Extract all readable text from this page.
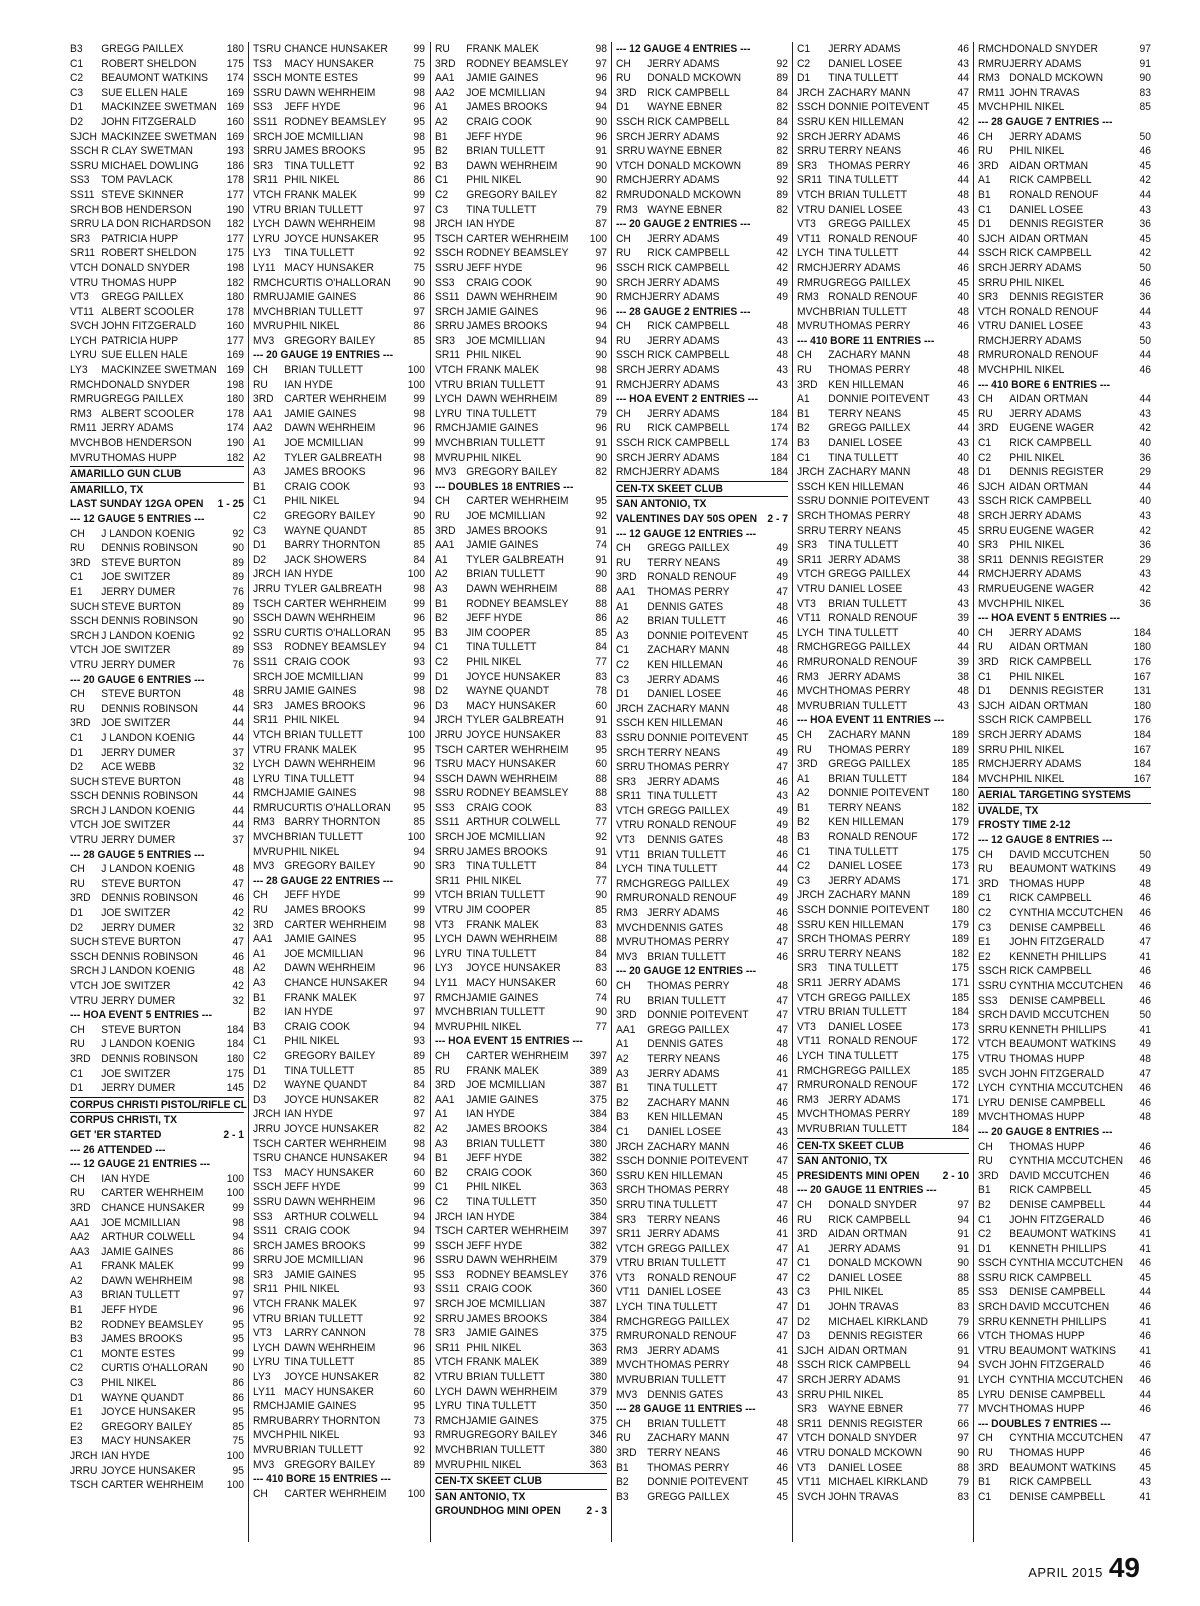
B3	GREGG PAILLEX	180
C1	ROBERT SHELDON	175
C2	BEAUMONT WATKINS	174
C3	SUE ELLEN HALE	169
D1	MACKINZEE SWETMAN 169
D2	JOHN FITZGERALD	160
SJCH MACKINZEE SWETMAN 169
SSCH R CLAY SWETMAN	193
SSRU MICHAEL DOWLING	186
SS3	TOM PAVLACK	178
SS11 STEVE SKINNER	177
SRCH BOB HENDERSON	190
SRRU LA DON RICHARDSON	182
SR3	PATRICIA HUPP	177
SR11 ROBERT SHELDON	175
VTCH DONALD SNYDER	198
VTRU THOMAS HUPP	182
VT3	GREGG PAILLEX	180
VT11 ALBERT SCOOLER	178
SVCH JOHN FITZGERALD	160
LYCH PATRICIA HUPP	177
LYRU SUE ELLEN HALE	169
LY3	MACKINZEE SWETMAN 169
RMCH DONALD SNYDER	198
RMRU GREGG PAILLEX	180
RM3 ALBERT SCOOLER	178
RM11 JERRY ADAMS	174
MVCH BOB HENDERSON	190
MVRU THOMAS HUPP	182
AMARILLO GUN CLUB
AMARILLO, TX
LAST SUNDAY 12GA OPEN	1 - 25
--- 12 GAUGE 5 ENTRIES ---
CH	J LANDON KOENIG	92
RU	DENNIS ROBINSON	90
3RD STEVE BURTON	89
C1	JOE SWITZER	89
E1	JERRY DUMER	76
SUCH STEVE BURTON	89
SSCH DENNIS ROBINSON	90
SRCH J LANDON KOENIG	92
VTCH JOE SWITZER	89
VTRU JERRY DUMER	76
--- 20 GAUGE 6 ENTRIES ---
CH	STEVE BURTON	48
RU	DENNIS ROBINSON	44
3RD JOE SWITZER	44
C1	J LANDON KOENIG	44
D1	JERRY DUMER	37
D2	ACE WEBB	32
SUCH STEVE BURTON	48
SSCH DENNIS ROBINSON	44
SRCH J LANDON KOENIG	44
VTCH JOE SWITZER	44
VTRU JERRY DUMER	37
--- 28 GAUGE 5 ENTRIES ---
CH	J LANDON KOENIG	48
RU	STEVE BURTON	47
3RD DENNIS ROBINSON	46
D1	JOE SWITZER	42
D2	JERRY DUMER	32
SUCH STEVE BURTON	47
SSCH DENNIS ROBINSON	46
SRCH J LANDON KOENIG	48
VTCH JOE SWITZER	42
VTRU JERRY DUMER	32
--- HOA EVENT 5 ENTRIES ---
CH	STEVE BURTON	184
RU	J LANDON KOENIG	184
3RD DENNIS ROBINSON	180
C1	JOE SWITZER	175
D1	JERRY DUMER	145
CORPUS CHRISTI PISTOL/RIFLE CL
CORPUS CHRISTI, TX
GET 'ER STARTED	2 - 1
--- 26 ATTENDED ---
--- 12 GAUGE 21 ENTRIES ---
CH	IAN HYDE	100
RU	CARTER WEHRHEIM	100
3RD CHANCE HUNSAKER	99
AA1	JOE MCMILLIAN	98
AA2	ARTHUR COLWELL	94
AA3	JAMIE GAINES	86
A1	FRANK MALEK	99
A2	DAWN WEHRHEIM	98
A3	BRIAN TULLETT	97
B1	JEFF HYDE	96
B2	RODNEY BEAMSLEY	95
B3	JAMES BROOKS	95
C1	MONTE ESTES	99
C2	CURTIS O'HALLORAN	90
C3	PHIL NIKEL	86
D1	WAYNE QUANDT	86
E1	JOYCE HUNSAKER	95
E2	GREGORY BAILEY	85
E3	MACY HUNSAKER	75
JRCH IAN HYDE	100
JRRU JOYCE HUNSAKER	95
TSCH CARTER WEHRHEIM	100
TSRU CHANCE HUNSAKER	99
TS3	MACY HUNSAKER	75
SSCH MONTE ESTES	99
SSRU DAWN WEHRHEIM	98
SS3	JEFF HYDE	96
SS11 RODNEY BEAMSLEY	95
SRCH JOE MCMILLIAN	98
SRRU JAMES BROOKS	95
SR3	TINA TULLETT	92
SR11 PHIL NIKEL	86
VTCH FRANK MALEK	99
VTRU BRIAN TULLETT	97
LYCH DAWN WEHRHEIM	98
LYRU JOYCE HUNSAKER	95
LY3	TINA TULLETT	92
LY11 MACY HUNSAKER	75
RMCH CURTIS O'HALLORAN	90
RMRU JAMIE GAINES	86
MVCH BRIAN TULLETT	97
MVRU PHIL NIKEL	86
MV3 GREGORY BAILEY	85
--- 20 GAUGE 19 ENTRIES ---
CH	BRIAN TULLETT	100
RU	IAN HYDE	100
3RD CARTER WEHRHEIM	99
AA1	JAMIE GAINES	98
AA2	DAWN WEHRHEIM	96
A1	JOE MCMILLIAN	99
A2	TYLER GALBREATH	98
A3	JAMES BROOKS	96
B1	CRAIG COOK	93
C1	PHIL NIKEL	94
C2	GREGORY BAILEY	90
C3	WAYNE QUANDT	85
D1	BARRY THORNTON	85
D2	JACK SHOWERS	84
JRCH IAN HYDE	100
JRRU TYLER GALBREATH	98
TSCH CARTER WEHRHEIM	99
SSCH DAWN WEHRHEIM	96
SSRU CURTIS O'HALLORAN	95
SS3	RODNEY BEAMSLEY	94
SS11 CRAIG COOK	93
SRCH JOE MCMILLIAN	99
SRRU JAMIE GAINES	98
SR3	JAMES BROOKS	96
SR11 PHIL NIKEL	94
VTCH BRIAN TULLETT	100
VTRU FRANK MALEK	95
LYCH DAWN WEHRHEIM	96
LYRU TINA TULLETT	94
RMCH JAMIE GAINES	98
RMRU CURTIS O'HALLORAN	95
RM3 BARRY THORNTON	85
MVCH BRIAN TULLETT	100
MVRU PHIL NIKEL	94
MV3 GREGORY BAILEY	90
--- 28 GAUGE 22 ENTRIES ---
CH	JEFF HYDE	99
RU	JAMES BROOKS	99
3RD CARTER WEHRHEIM	98
AA1	JAMIE GAINES	95
A1	JOE MCMILLIAN	96
A2	DAWN WEHRHEIM	96
A3	CHANCE HUNSAKER	94
B1	FRANK MALEK	97
B2	IAN HYDE	97
B3	CRAIG COOK	94
C1	PHIL NIKEL	93
C2	GREGORY BAILEY	89
D1	TINA TULLETT	85
D2	WAYNE QUANDT	84
D3	JOYCE HUNSAKER	82
JRCH IAN HYDE	97
JRRU JOYCE HUNSAKER	82
TSCH CARTER WEHRHEIM	98
TSRU CHANCE HUNSAKER	94
TS3	MACY HUNSAKER	60
SSCH JEFF HYDE	99
SSRU DAWN WEHRHEIM	96
SS3	ARTHUR COLWELL	94
SS11 CRAIG COOK	94
SRCH JAMES BROOKS	99
SRRU JOE MCMILLIAN	96
SR3	JAMIE GAINES	95
SR11 PHIL NIKEL	93
VTCH FRANK MALEK	97
VTRU BRIAN TULLETT	92
VT3	LARRY CANNON	78
LYCH DAWN WEHRHEIM	96
LYRU TINA TULLETT	85
LY3	JOYCE HUNSAKER	82
LY11 MACY HUNSAKER	60
RMCH JAMIE GAINES	95
RMRU BARRY THORNTON	73
MVCH PHIL NIKEL	93
MVRU BRIAN TULLETT	92
MV3 GREGORY BAILEY	89
--- 410 BORE 15 ENTRIES ---
CH	CARTER WEHRHEIM	100
RU	FRANK MALEK	98
3RD RODNEY BEAMSLEY	97
AA1	JAMIE GAINES	96
AA2	JOE MCMILLIAN	94
A1	JAMES BROOKS	94
A2	CRAIG COOK	90
B1	JEFF HYDE	96
B2	BRIAN TULLETT	91
B3	DAWN WEHRHEIM	90
C1	PHIL NIKEL	90
C2	GREGORY BAILEY	82
C3	TINA TULLETT	79
JRCH IAN HYDE	87
TSCH CARTER WEHRHEIM	100
SSCH RODNEY BEAMSLEY	97
SSRU JEFF HYDE	96
SS3	CRAIG COOK	90
SS11 DAWN WEHRHEIM	90
SRCH JAMIE GAINES	96
SRRU JAMES BROOKS	94
SR3	JOE MCMILLIAN	94
SR11 PHIL NIKEL	90
VTCH FRANK MALEK	98
VTRU BRIAN TULLETT	91
LYCH DAWN WEHRHEIM	89
LYRU TINA TULLETT	79
RMCH JAMIE GAINES	96
MVCH BRIAN TULLETT	91
MVRU PHIL NIKEL	90
MV3 GREGORY BAILEY	82
--- DOUBLES 18 ENTRIES ---
CH	CARTER WEHRHEIM	95
RU	JOE MCMILLIAN	92
3RD JAMES BROOKS	91
AA1	JAMIE GAINES	74
A1	TYLER GALBREATH	91
A2	BRIAN TULLETT	90
A3	DAWN WEHRHEIM	88
B1	RODNEY BEAMSLEY	88
B2	JEFF HYDE	86
B3	JIM COOPER	85
C1	TINA TULLETT	84
C2	PHIL NIKEL	77
D1	JOYCE HUNSAKER	83
D2	WAYNE QUANDT	78
D3	MACY HUNSAKER	60
JRCH TYLER GALBREATH	91
JRRU JOYCE HUNSAKER	83
TSCH CARTER WEHRHEIM	95
TSRU MACY HUNSAKER	60
SSCH DAWN WEHRHEIM	88
SSRU RODNEY BEAMSLEY	88
SS3	CRAIG COOK	83
SS11 ARTHUR COLWELL	77
SRCH JOE MCMILLIAN	92
SRRU JAMES BROOKS	91
SR3	TINA TULLETT	84
SR11 PHIL NIKEL	77
VTCH BRIAN TULLETT	90
VTRU JIM COOPER	85
VT3	FRANK MALEK	83
LYCH DAWN WEHRHEIM	88
LYRU TINA TULLETT	84
LY3	JOYCE HUNSAKER	83
LY11 MACY HUNSAKER	60
RMCH JAMIE GAINES	74
MVCH BRIAN TULLETT	90
MVRU PHIL NIKEL	77
--- HOA EVENT 15 ENTRIES ---
CH	CARTER WEHRHEIM	397
RU	FRANK MALEK	389
3RD JOE MCMILLIAN	387
AA1	JAMIE GAINES	375
A1	IAN HYDE	384
A2	JAMES BROOKS	384
A3	BRIAN TULLETT	380
B1	JEFF HYDE	382
B2	CRAIG COOK	360
C1	PHIL NIKEL	363
C2	TINA TULLETT	350
JRCH IAN HYDE	384
TSCH CARTER WEHRHEIM	397
SSCH JEFF HYDE	382
SSRU DAWN WEHRHEIM	379
SS3	RODNEY BEAMSLEY	376
SS11 CRAIG COOK	360
SRCH JOE MCMILLIAN	387
SRRU JAMES BROOKS	384
SR3	JAMIE GAINES	375
SR11 PHIL NIKEL	363
VTCH FRANK MALEK	389
VTRU BRIAN TULLETT	380
LYCH DAWN WEHRHEIM	379
LYRU TINA TULLETT	350
RMCH JAMIE GAINES	375
RMRU GREGORY BAILEY	346
MVCH BRIAN TULLETT	380
MVRU PHIL NIKEL	363
CEN-TX SKEET CLUB
SAN ANTONIO, TX
GROUNDHOG MINI OPEN	2 - 3
--- 12 GAUGE 4 ENTRIES ---
CH	JERRY ADAMS	92
RU	DONALD MCKOWN	89
3RD RICK CAMPBELL	84
D1	WAYNE EBNER	82
SSCH RICK CAMPBELL	84
SRCH JERRY ADAMS	92
SRRU WAYNE EBNER	82
VTCH DONALD MCKOWN	89
RMCH JERRY ADAMS	92
RMRU DONALD MCKOWN	89
RM3 WAYNE EBNER	82
--- 20 GAUGE 2 ENTRIES ---
CH	JERRY ADAMS	49
RU	RICK CAMPBELL	42
SSCH RICK CAMPBELL	42
SRCH JERRY ADAMS	49
RMCH JERRY ADAMS	49
--- 28 GAUGE 2 ENTRIES ---
CH	RICK CAMPBELL	48
RU	JERRY ADAMS	43
SSCH RICK CAMPBELL	48
SRCH JERRY ADAMS	43
RMCH JERRY ADAMS	43
--- HOA EVENT 2 ENTRIES ---
CH	JERRY ADAMS	184
RU	RICK CAMPBELL	174
SSCH RICK CAMPBELL	174
SRCH JERRY ADAMS	184
RMCH JERRY ADAMS	184
CEN-TX SKEET CLUB
SAN ANTONIO, TX
VALENTINES DAY 50S OPEN 2 - 7
--- 12 GAUGE 12 ENTRIES ---
CH	GREGG PAILLEX	49
RU	TERRY NEANS	49
3RD RONALD RENOUF	49
AA1	THOMAS PERRY	47
A1	DENNIS GATES	48
A2	BRIAN TULLETT	46
A3	DONNIE POITEVENT	45
C1	ZACHARY MANN	48
C2	KEN HILLEMAN	46
C3	JERRY ADAMS	46
D1	DANIEL LOSEE	46
JRCH ZACHARY MANN	48
SSCH KEN HILLEMAN	46
SSRU DONNIE POITEVENT	45
SRCH TERRY NEANS	49
SRRU THOMAS PERRY	47
SR3	JERRY ADAMS	46
SR11 TINA TULLETT	43
VTCH GREGG PAILLEX	49
VTRU RONALD RENOUF	49
VT3	DENNIS GATES	48
VT11 BRIAN TULLETT	46
LYCH TINA TULLETT	44
RMCH GREGG PAILLEX	49
RMRU RONALD RENOUF	49
RM3 JERRY ADAMS	46
MVCH DENNIS GATES	48
MVRU THOMAS PERRY	47
MV3 BRIAN TULLETT	46
--- 20 GAUGE 12 ENTRIES ---
CH	THOMAS PERRY	48
RU	BRIAN TULLETT	47
3RD DONNIE POITEVENT	47
AA1	GREGG PAILLEX	47
A1	DENNIS GATES	48
A2	TERRY NEANS	46
A3	JERRY ADAMS	41
B1	TINA TULLETT	47
B2	ZACHARY MANN	46
B3	KEN HILLEMAN	45
C1	DANIEL LOSEE	43
JRCH ZACHARY MANN	46
SSCH DONNIE POITEVENT	47
SSRU KEN HILLEMAN	45
SRCH THOMAS PERRY	48
SRRU TINA TULLETT	47
SR3	TERRY NEANS	46
SR11 JERRY ADAMS	41
VTCH GREGG PAILLEX	47
VTRU BRIAN TULLETT	47
VT3	RONALD RENOUF	47
VT11 DANIEL LOSEE	43
LYCH TINA TULLETT	47
RMCH GREGG PAILLEX	47
RMRU RONALD RENOUF	47
RM3 JERRY ADAMS	41
MVCH THOMAS PERRY	48
MVRU BRIAN TULLETT	47
MV3 DENNIS GATES	43
--- 28 GAUGE 11 ENTRIES ---
CH	BRIAN TULLETT	48
RU	ZACHARY MANN	47
3RD TERRY NEANS	46
B1	THOMAS PERRY	46
B2	DONNIE POITEVENT	45
B3	GREGG PAILLEX	45
C1	JERRY ADAMS	46
C2	DANIEL LOSEE	43
D1	TINA TULLETT	44
JRCH ZACHARY MANN	47
SSCH DONNIE POITEVENT	45
SSRU KEN HILLEMAN	42
SRCH JERRY ADAMS	46
SRRU TERRY NEANS	46
SR3	THOMAS PERRY	46
SR11 TINA TULLETT	44
VTCH BRIAN TULLETT	48
VTRU DANIEL LOSEE	43
VT3	GREGG PAILLEX	45
VT11 RONALD RENOUF	40
LYCH TINA TULLETT	44
RMCH JERRY ADAMS	46
RMRU GREGG PAILLEX	45
RM3 RONALD RENOUF	40
MVCH BRIAN TULLETT	48
MVRU THOMAS PERRY	46
--- 410 BORE 11 ENTRIES ---
CH	ZACHARY MANN	48
RU	THOMAS PERRY	48
3RD KEN HILLEMAN	46
A1	DONNIE POITEVENT	43
B1	TERRY NEANS	45
B2	GREGG PAILLEX	44
B3	DANIEL LOSEE	43
C1	TINA TULLETT	40
JRCH ZACHARY MANN	48
SSCH KEN HILLEMAN	46
SSRU DONNIE POITEVENT	43
SRCH THOMAS PERRY	48
SRRU TERRY NEANS	45
SR3	TINA TULLETT	40
SR11 JERRY ADAMS	38
VTCH GREGG PAILLEX	44
VTRU DANIEL LOSEE	43
VT3	BRIAN TULLETT	43
VT11 RONALD RENOUF	39
LYCH TINA TULLETT	40
RMCH GREGG PAILLEX	44
RMRU RONALD RENOUF	39
RM3 JERRY ADAMS	38
MVCH THOMAS PERRY	48
MVRU BRIAN TULLETT	43
--- HOA EVENT 11 ENTRIES ---
CH	ZACHARY MANN	189
RU	THOMAS PERRY	189
3RD GREGG PAILLEX	185
A1	BRIAN TULLETT	184
A2	DONNIE POITEVENT	180
B1	TERRY NEANS	182
B2	KEN HILLEMAN	179
B3	RONALD RENOUF	172
C1	TINA TULLETT	175
C2	DANIEL LOSEE	173
C3	JERRY ADAMS	171
JRCH ZACHARY MANN	189
SSCH DONNIE POITEVENT	180
SSRU KEN HILLEMAN	179
SRCH THOMAS PERRY	189
SRRU TERRY NEANS	182
SR3	TINA TULLETT	175
SR11 JERRY ADAMS	171
VTCH GREGG PAILLEX	185
VTRU BRIAN TULLETT	184
VT3	DANIEL LOSEE	173
VT11 RONALD RENOUF	172
LYCH TINA TULLETT	175
RMCH GREGG PAILLEX	185
RMRU RONALD RENOUF	172
RM3 JERRY ADAMS	171
MVCH THOMAS PERRY	189
MVRU BRIAN TULLETT	184
CEN-TX SKEET CLUB
SAN ANTONIO, TX
PRESIDENTS MINI OPEN	2 - 10
--- 20 GAUGE 11 ENTRIES ---
CH	DONALD SNYDER	97
RU	RICK CAMPBELL	94
3RD AIDAN ORTMAN	91
A1	JERRY ADAMS	91
C1	DONALD MCKOWN	90
C2	DANIEL LOSEE	88
C3	PHIL NIKEL	85
D1	JOHN TRAVAS	83
D2	MICHAEL KIRKLAND	79
D3	DENNIS REGISTER	66
SJCH AIDAN ORTMAN	91
SSCH RICK CAMPBELL	94
SRCH JERRY ADAMS	91
SRRU PHIL NIKEL	85
SR3	WAYNE EBNER	77
SR11 DENNIS REGISTER	66
VTCH DONALD SNYDER	97
VTRU DONALD MCKOWN	90
VT3	DANIEL LOSEE	88
VT11 MICHAEL KIRKLAND	79
SVCH JOHN TRAVAS	83
RMCH DONALD SNYDER	97
RMRU JERRY ADAMS	91
RM3 DONALD MCKOWN	90
RM11 JOHN TRAVAS	83
MVCH PHIL NIKEL	85
--- 28 GAUGE 7 ENTRIES ---
CH	JERRY ADAMS	50
RU	PHIL NIKEL	46
3RD AIDAN ORTMAN	45
A1	RICK CAMPBELL	42
B1	RONALD RENOUF	44
C1	DANIEL LOSEE	43
D1	DENNIS REGISTER	36
SJCH AIDAN ORTMAN	45
SSCH RICK CAMPBELL	42
SRCH JERRY ADAMS	50
SRRU PHIL NIKEL	46
SR3	DENNIS REGISTER	36
VTCH RONALD RENOUF	44
VTRU DANIEL LOSEE	43
RMCH JERRY ADAMS	50
RMRU RONALD RENOUF	44
MVCH PHIL NIKEL	46
--- 410 BORE 6 ENTRIES ---
CH	AIDAN ORTMAN	44
RU	JERRY ADAMS	43
3RD EUGENE WAGER	42
C1	RICK CAMPBELL	40
C2	PHIL NIKEL	36
D1	DENNIS REGISTER	29
SJCH AIDAN ORTMAN	44
SSCH RICK CAMPBELL	40
SRCH JERRY ADAMS	43
SRRU EUGENE WAGER	42
SR3	PHIL NIKEL	36
SR11 DENNIS REGISTER	29
RMCH JERRY ADAMS	43
RMRU EUGENE WAGER	42
MVCH PHIL NIKEL	36
--- HOA EVENT 5 ENTRIES ---
CH	JERRY ADAMS	184
RU	AIDAN ORTMAN	180
3RD RICK CAMPBELL	176
C1	PHIL NIKEL	167
D1	DENNIS REGISTER	131
SJCH AIDAN ORTMAN	180
SSCH RICK CAMPBELL	176
SRCH JERRY ADAMS	184
SRRU PHIL NIKEL	167
RMCH JERRY ADAMS	184
MVCH PHIL NIKEL	167
AERIAL TARGETING SYSTEMS
UVALDE, TX
FROSTY TIME 2-12
--- 12 GAUGE 8 ENTRIES ---
CH	DAVID MCCUTCHEN	50
RU	BEAUMONT WATKINS	49
3RD THOMAS HUPP	48
C1	RICK CAMPBELL	46
C2	CYNTHIA MCCUTCHEN	46
C3	DENISE CAMPBELL	46
E1	JOHN FITZGERALD	47
E2	KENNETH PHILLIPS	41
SSCH RICK CAMPBELL	46
SSRU CYNTHIA MCCUTCHEN	46
SS3	DENISE CAMPBELL	46
SRCH DAVID MCCUTCHEN	50
SRRU KENNETH PHILLIPS	41
VTCH BEAUMONT WATKINS	49
VTRU THOMAS HUPP	48
SVCH JOHN FITZGERALD	47
LYCH CYNTHIA MCCUTCHEN	46
LYRU DENISE CAMPBELL	46
MVCH THOMAS HUPP	48
--- 20 GAUGE 8 ENTRIES ---
CH	THOMAS HUPP	46
RU	CYNTHIA MCCUTCHEN	46
3RD DAVID MCCUTCHEN	46
B1	RICK CAMPBELL	45
B2	DENISE CAMPBELL	44
C1	JOHN FITZGERALD	46
C2	BEAUMONT WATKINS	41
D1	KENNETH PHILLIPS	41
SSCH CYNTHIA MCCUTCHEN	46
SSRU RICK CAMPBELL	45
SS3	DENISE CAMPBELL	44
SRCH DAVID MCCUTCHEN	46
SRRU KENNETH PHILLIPS	41
VTCH THOMAS HUPP	46
VTRU BEAUMONT WATKINS	41
SVCH JOHN FITZGERALD	46
LYCH CYNTHIA MCCUTCHEN	46
LYRU DENISE CAMPBELL	44
MVCH THOMAS HUPP	46
--- DOUBLES 7 ENTRIES ---
CH	CYNTHIA MCCUTCHEN	47
RU	THOMAS HUPP	46
3RD BEAUMONT WATKINS	45
B1	RICK CAMPBELL	43
C1	DENISE CAMPBELL	41
APRIL 2015 49
